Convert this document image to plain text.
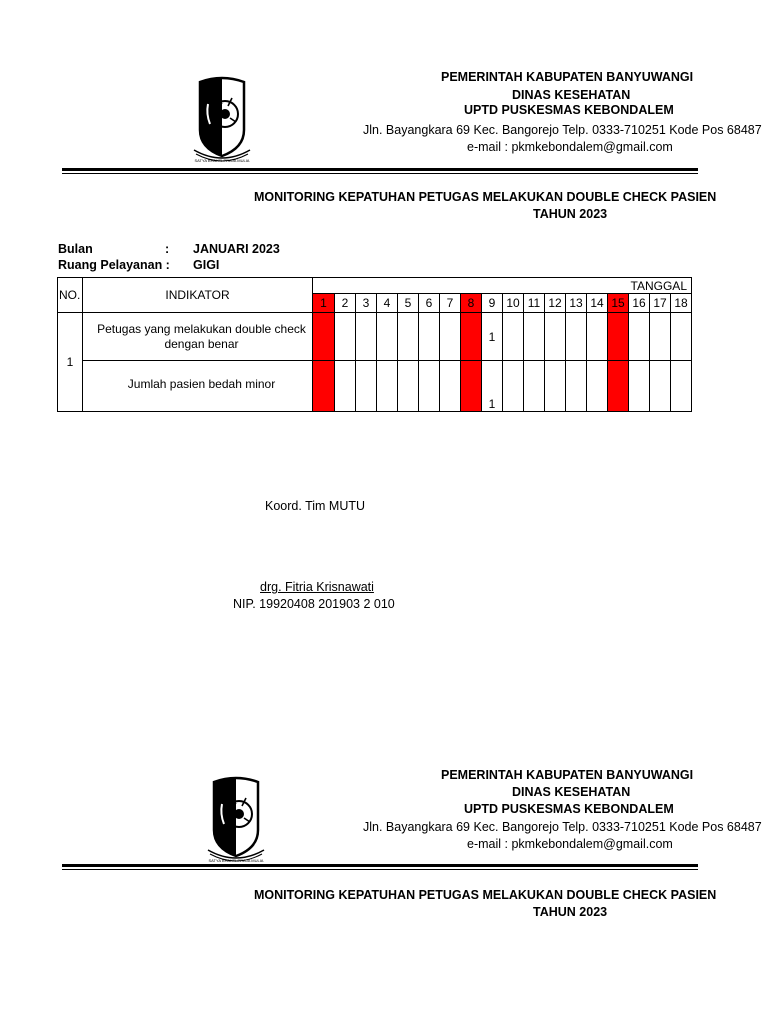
SATYA BHAKTI PRAJA MULIA
PEMERINTAH KABUPATEN BANYUWANGI
DINAS KESEHATAN
UPTD PUSKESMAS KEBONDALEM
Jln. Bayangkara 69 Kec. Bangorejo Telp. 0333-710251 Kode Pos 68487
e-mail : pkmkebondalem@gmail.com
MONITORING KEPATUHAN PETUGAS MELAKUKAN DOUBLE CHECK PASIEN
TAHUN 2023
Bulan	: JANUARI 2023
Ruang Pelayanan : GIGI
NO.	INDIKATOR	TANGGAL																	
		1	2	3	4	5	6	7	8	9	10	11	12	13	14	15	16	17	18
1	Petugas yang melakukan double check dengan benar									1									
	Jumlah pasien bedah minor									1									
Koord. Tim MUTU
drg. Fitria Krisnawati
NIP. 19920408 201903 2 010
SATYA BHAKTI PRAJA MULIA
PEMERINTAH KABUPATEN BANYUWANGI
DINAS KESEHATAN
UPTD PUSKESMAS KEBONDALEM
Jln. Bayangkara 69 Kec. Bangorejo Telp. 0333-710251 Kode Pos 68487
e-mail : pkmkebondalem@gmail.com
MONITORING KEPATUHAN PETUGAS MELAKUKAN DOUBLE CHECK PASIEN
TAHUN 2023
